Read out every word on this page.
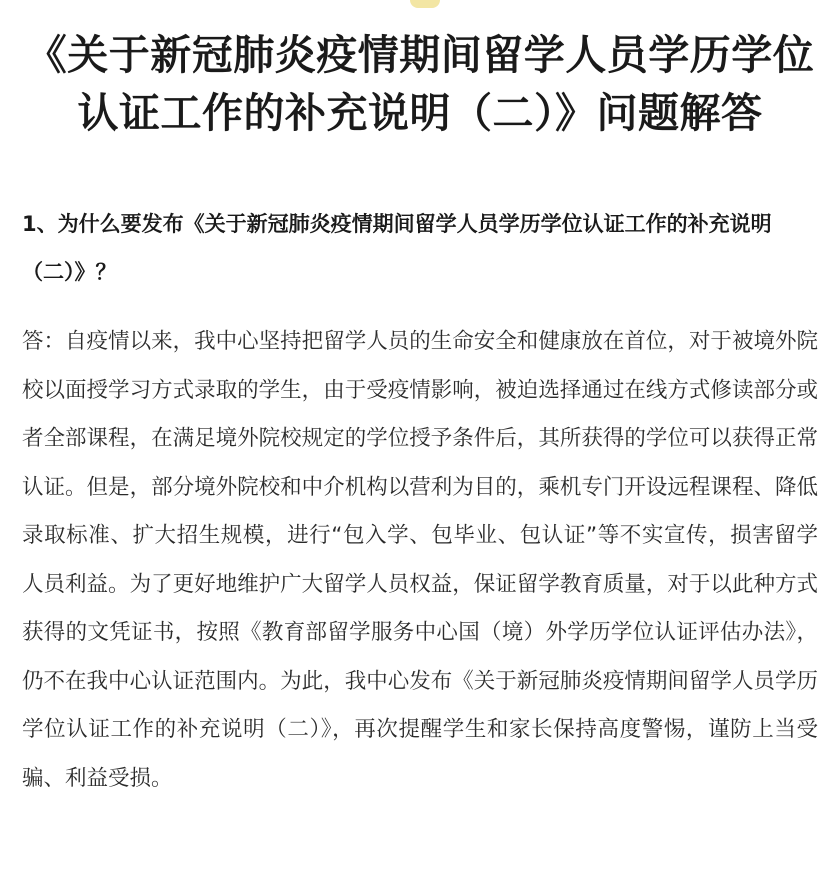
《关于新冠肺炎疫情期间留学人员学历学位认证工作的补充说明（二）》问题解答
1、为什么要发布《关于新冠肺炎疫情期间留学人员学历学位认证工作的补充说明（二）》？

答：自疫情以来，我中心坚持把留学人员的生命安全和健康放在首位，对于被境外院校以面授学习方式录取的学生，由于受疫情影响，被迫选择通过在线方式修读部分或者全部课程，在满足境外院校规定的学位授予条件后，其所获得的学位可以获得正常认证。但是，部分境外院校和中介机构以营利为目的，乘机专门开设远程课程、降低录取标准、扩大招生规模，进行“包入学、包毕业、包认证”等不实宣传，损害留学人员利益。为了更好地维护广大留学人员权益，保证留学教育质量，对于以此种方式获得的文凭证书，按照《教育部留学服务中心国（境）外学历学位认证评估办法》，仍不在我中心认证范围内。为此，我中心发布《关于新冠肺炎疫情期间留学人员学历学位认证工作的补充说明（二）》，再次提醒学生和家长保持高度警惕，谨防上当受骗、利益受损。
